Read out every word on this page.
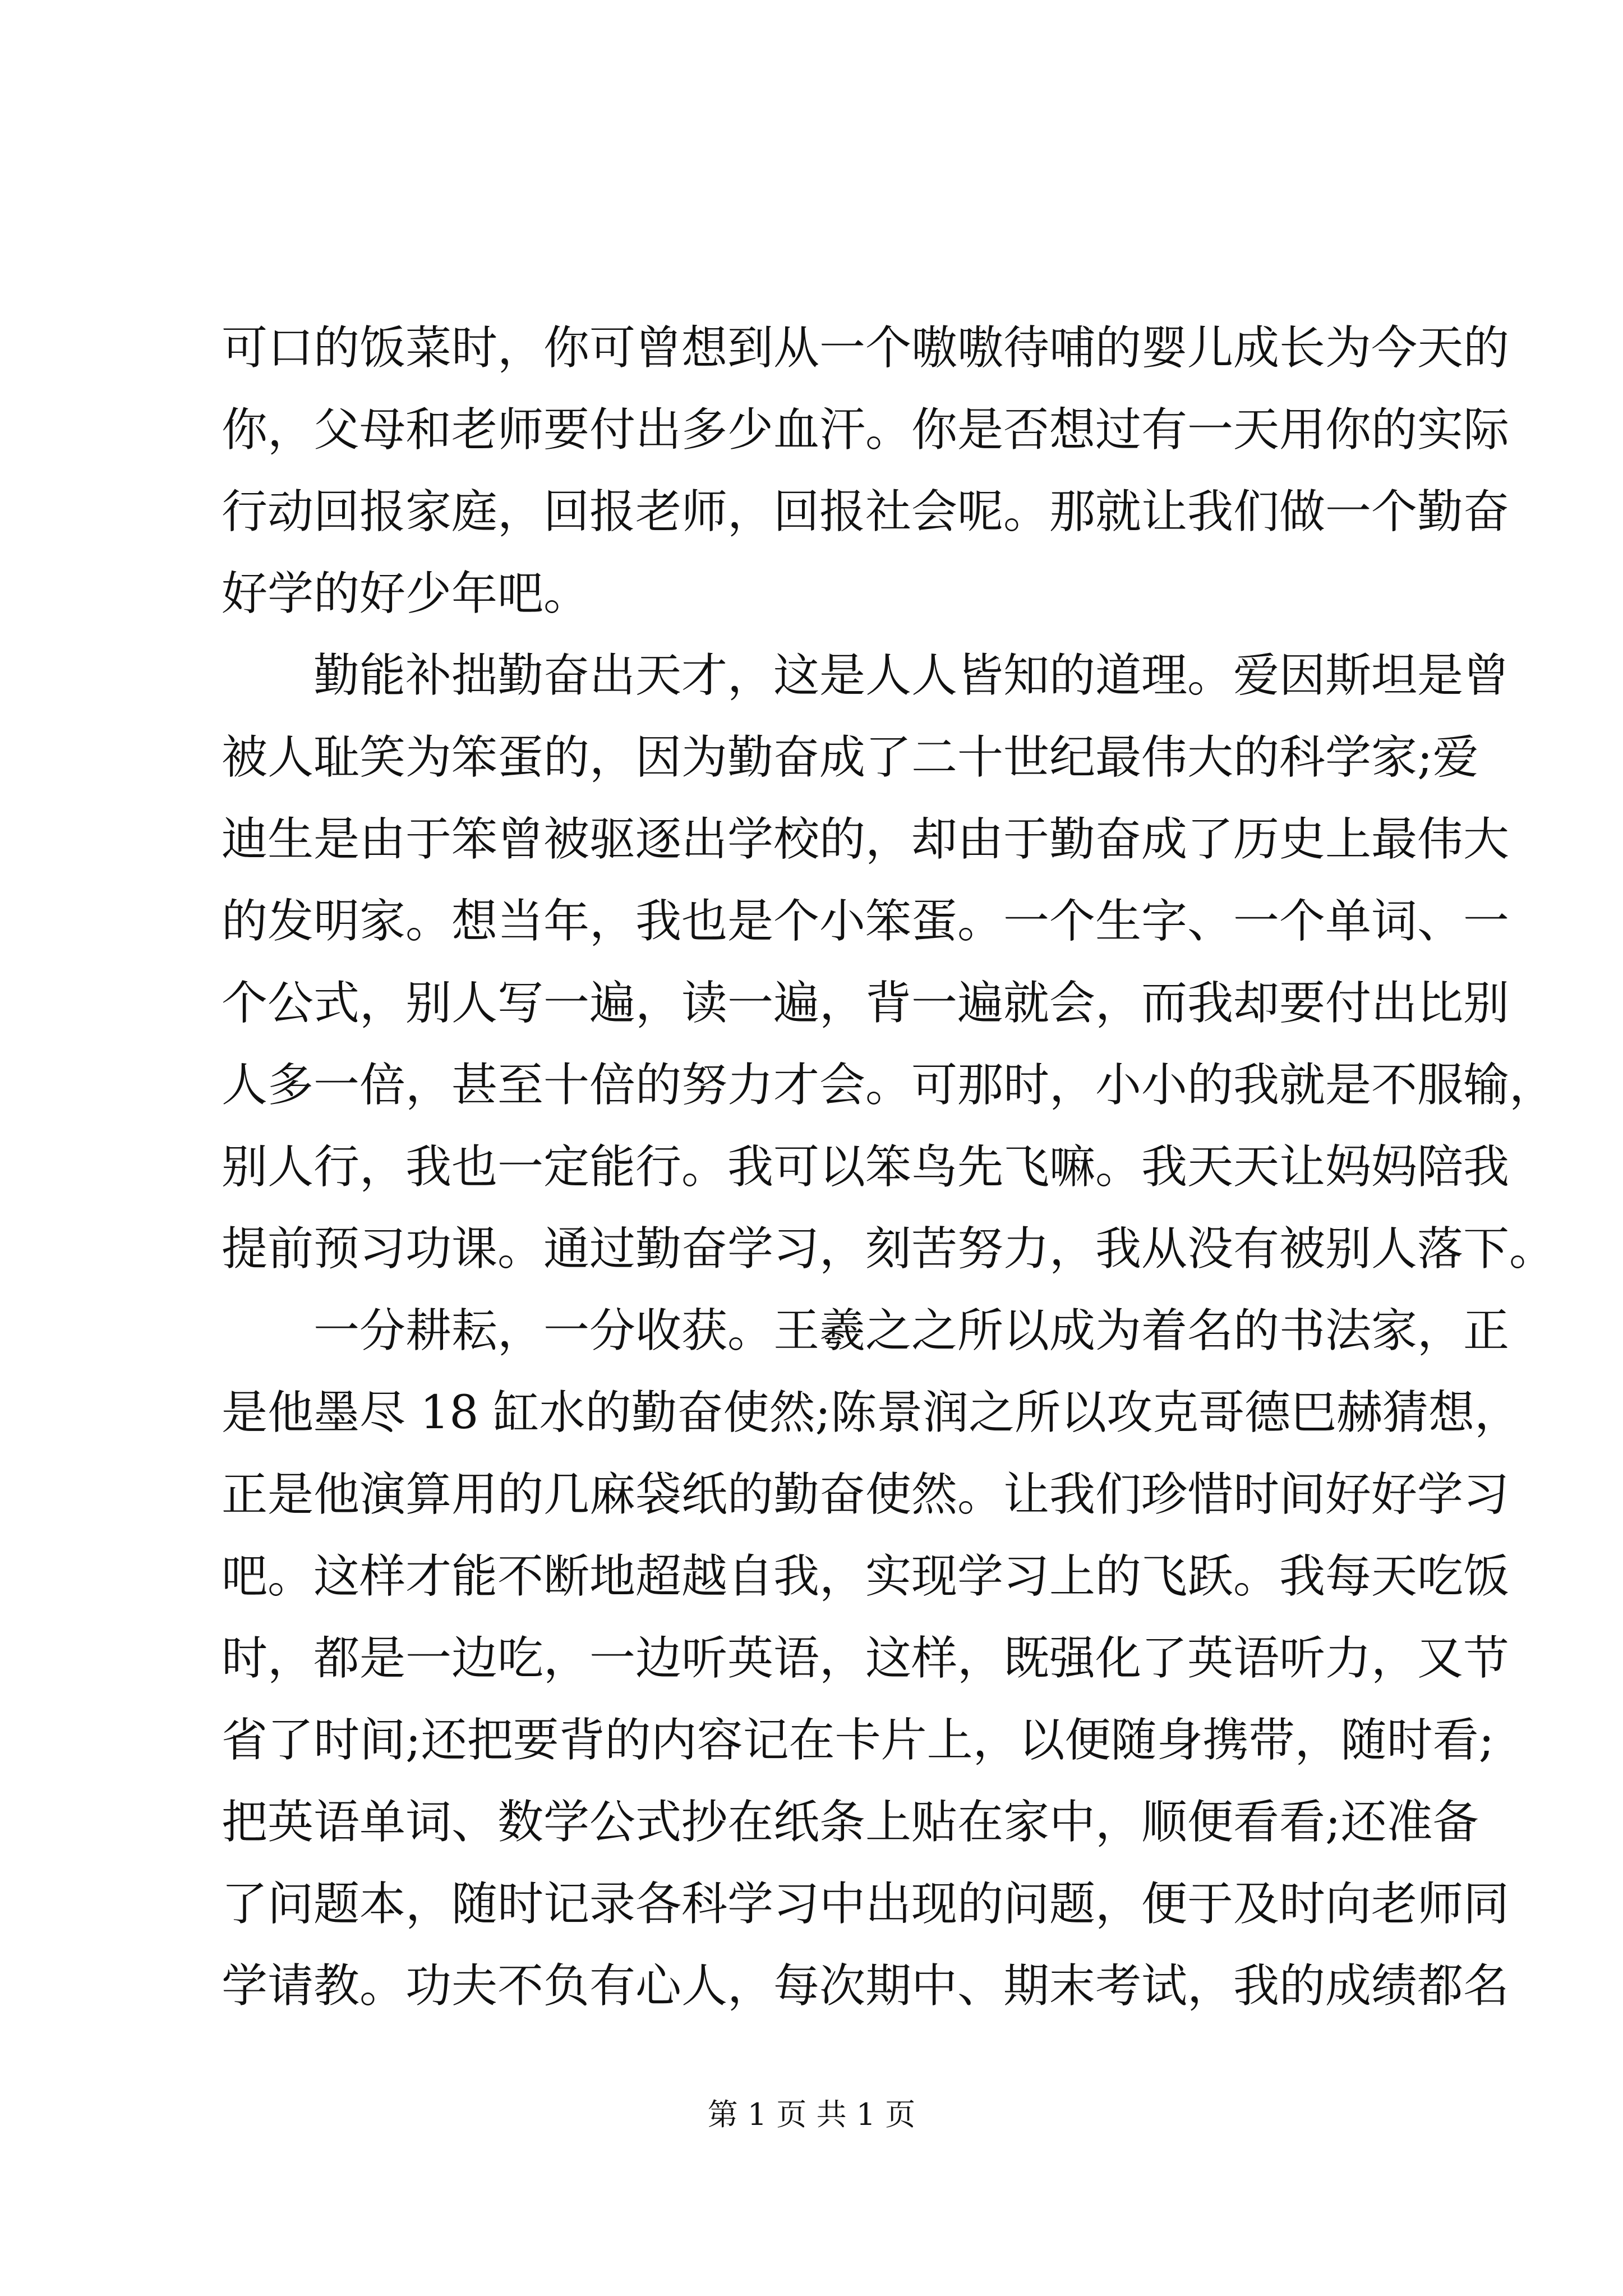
可口的饭菜时，你可曾想到从一个嗷嗷待哺的婴儿成长为今天的
你，父母和老师要付出多少血汗。你是否想过有一天用你的实际
行动回报家庭，回报老师，回报社会呢。那就让我们做一个勤奋
好学的好少年吧。
　　勤能补拙勤奋出天才，这是人人皆知的道理。爱因斯坦是曾
被人耻笑为笨蛋的，因为勤奋成了二十世纪最伟大的科学家;爱
迪生是由于笨曾被驱逐出学校的，却由于勤奋成了历史上最伟大
的发明家。想当年，我也是个小笨蛋。一个生字、一个单词、一
个公式，别人写一遍，读一遍，背一遍就会，而我却要付出比别
人多一倍，甚至十倍的努力才会。可那时，小小的我就是不服输，
别人行，我也一定能行。我可以笨鸟先飞嘛。我天天让妈妈陪我
提前预习功课。通过勤奋学习，刻苦努力，我从没有被别人落下。
　　一分耕耘，一分收获。王羲之之所以成为着名的书法家，正
是他墨尽 18 缸水的勤奋使然;陈景润之所以攻克哥德巴赫猜想，
正是他演算用的几麻袋纸的勤奋使然。让我们珍惜时间好好学习
吧。这样才能不断地超越自我，实现学习上的飞跃。我每天吃饭
时，都是一边吃，一边听英语，这样，既强化了英语听力，又节
省了时间;还把要背的内容记在卡片上，以便随身携带，随时看;
把英语单词、数学公式抄在纸条上贴在家中，顺便看看;还准备
了问题本，随时记录各科学习中出现的问题，便于及时向老师同
学请教。功夫不负有心人，每次期中、期末考试，我的成绩都名
第 1 页 共 1 页
